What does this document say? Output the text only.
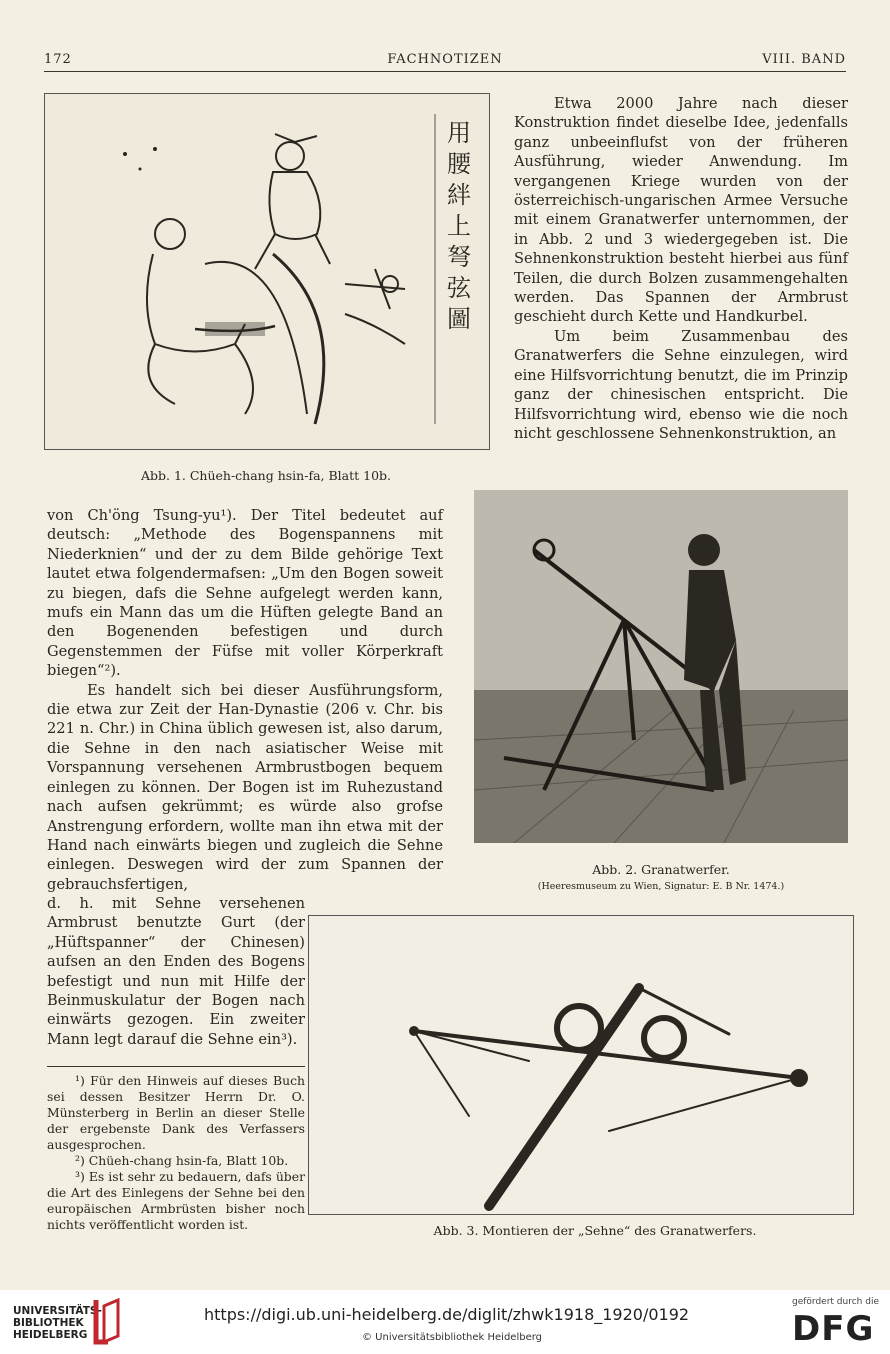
172	FACHNOTIZEN	VIII. BAND
用
腰
絆
上
弩
弦
圖
Abb. 1. Chüeh-chang hsin-fa, Blatt 10b.

Etwa 2000 Jahre nach dieser Konstruktion findet dieselbe Idee, jedenfalls ganz unbeeinflufst von der früheren Ausführung, wieder Anwendung. Im vergangenen Kriege wurden von der österreichisch-ungarischen Armee Versuche mit einem Granatwerfer unternommen, der in Abb. 2 und 3 wiedergegeben ist. Die Sehnenkonstruktion besteht hierbei aus fünf Teilen, die durch Bolzen zusammengehalten werden. Das Spannen der Armbrust geschieht durch Kette und Handkurbel.

Um beim Zusammenbau des Granatwerfers die Sehne einzulegen, wird eine Hilfsvorrichtung benutzt, die im Prinzip ganz der chinesischen entspricht. Die Hilfsvorrichtung wird, ebenso wie die noch nicht geschlossene Sehnenkonstruktion, an

Abb. 2. Granatwerfer.
(Heeresmuseum zu Wien, Signatur: E. B Nr. 1474.)

von Ch'öng Tsung-yu¹). Der Titel bedeutet auf deutsch: „Methode des Bogenspannens mit Niederknien“ und der zu dem Bilde gehörige Text lautet etwa folgendermafsen: „Um den Bogen soweit zu biegen, dafs die Sehne aufgelegt werden kann, mufs ein Mann das um die Hüften gelegte Band an den Bogenenden befestigen und durch Gegenstemmen der Füfse mit voller Körperkraft biegen“²).

Es handelt sich bei dieser Ausführungsform, die etwa zur Zeit der Han-Dynastie (206 v. Chr. bis 221 n. Chr.) in China üblich gewesen ist, also darum, die Sehne in den nach asiatischer Weise mit Vorspannung versehenen Armbrustbogen bequem einlegen zu können. Der Bogen ist im Ruhezustand nach aufsen gekrümmt; es würde also grofse Anstrengung erfordern, wollte man ihn etwa mit der Hand nach einwärts biegen und zugleich die Sehne einlegen. Deswegen wird der zum Spannen der gebrauchsfertigen,

d. h. mit Sehne versehenen Armbrust benutzte Gurt (der „Hüftspanner“ der Chinesen) aufsen an den Enden des Bogens befestigt und nun mit Hilfe der Beinmuskulatur der Bogen nach einwärts gezogen. Ein zweiter Mann legt darauf die Sehne ein³).

¹) Für den Hinweis auf dieses Buch sei dessen Besitzer Herrn Dr. O. Münsterberg in Berlin an dieser Stelle der ergebenste Dank des Verfassers ausgesprochen.

²) Chüeh-chang hsin-fa, Blatt 10b.

³) Es ist sehr zu bedauern, dafs über die Art des Einlegens der Sehne bei den europäischen Armbrüsten bisher noch nichts veröffentlicht worden ist.	Abb. 3. Montieren der „Sehne“ des Granatwerfers.
UNIVERSITÄTS-
BIBLIOTHEK
HEIDELBERG
https://digi.ub.uni-heidelberg.de/diglit/zhwk1918_1920/0192
© Universitätsbibliothek Heidelberg
gefördert durch die
DFG
